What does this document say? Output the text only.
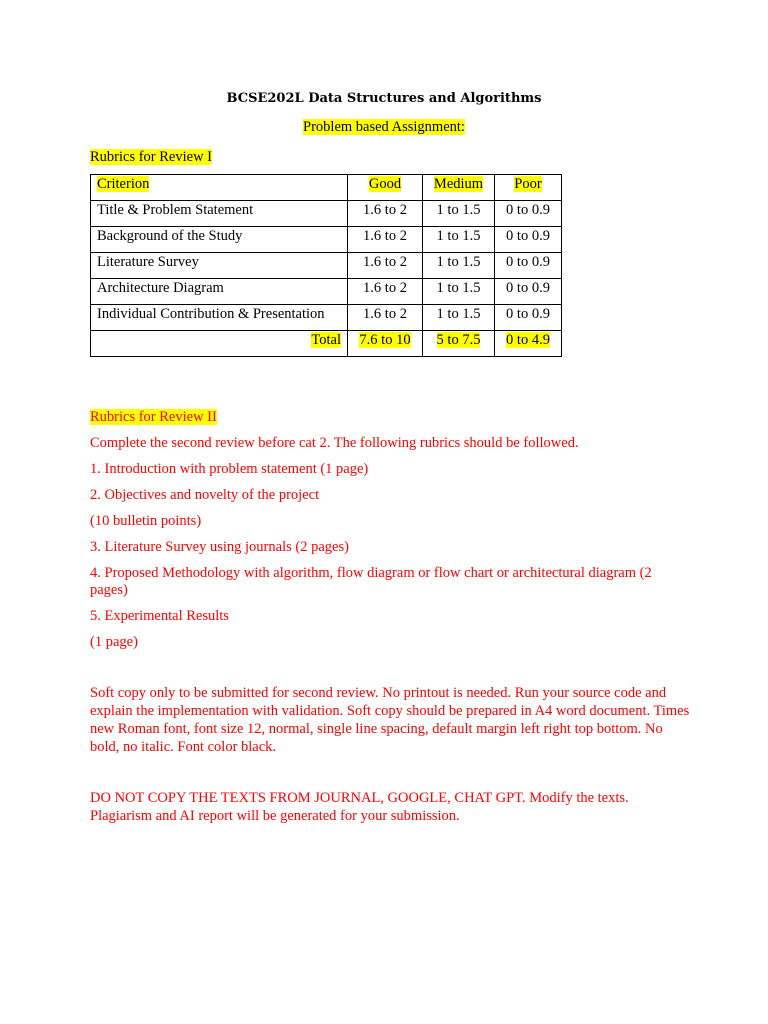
BCSE202L Data Structures and Algorithms
Problem based Assignment:
Rubrics for Review I
Criterion	Good	Medium	Poor
Title & Problem Statement	1.6 to 2	1 to 1.5	0 to 0.9
Background of the Study	1.6 to 2	1 to 1.5	0 to 0.9
Literature Survey	1.6 to 2	1 to 1.5	0 to 0.9
Architecture Diagram	1.6 to 2	1 to 1.5	0 to 0.9
Individual Contribution & Presentation	1.6 to 2	1 to 1.5	0 to 0.9
Total	7.6 to 10	5 to 7.5	0 to 4.9

Rubrics for Review II

Complete the second review before cat 2. The following rubrics should be followed.

1. Introduction with problem statement (1 page)

2. Objectives and novelty of the project

(10 bulletin points)

3. Literature Survey using journals (2 pages)

4. Proposed Methodology with algorithm, flow diagram or flow chart or architectural diagram (2 pages)

5. Experimental Results

(1 page)

Soft copy only to be submitted for second review. No printout is needed. Run your source code and explain the implementation with validation. Soft copy should be prepared in A4 word document. Times new Roman font, font size 12, normal, single line spacing, default margin left right top bottom. No bold, no italic. Font color black.

DO NOT COPY THE TEXTS FROM JOURNAL, GOOGLE, CHAT GPT. Modify the texts. Plagiarism and AI report will be generated for your submission.
